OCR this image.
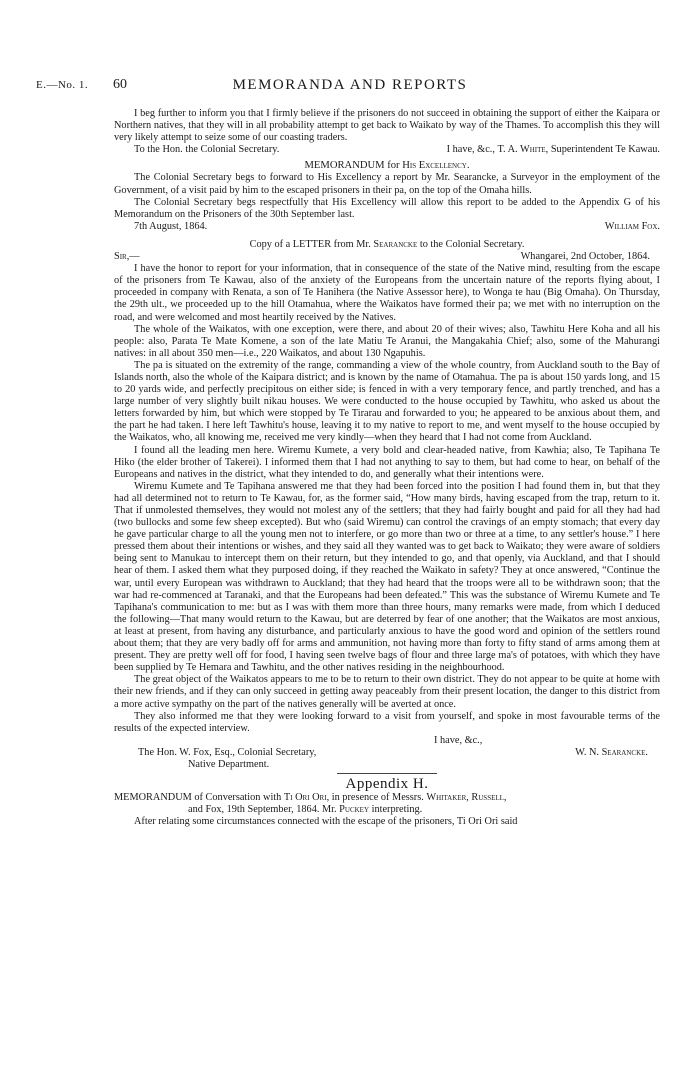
E.—No. 1. 60	MEMORANDA AND REPORTS

I beg further to inform you that I firmly believe if the prisoners do not succeed in obtaining the support of either the Kaipara or Northern natives, that they will in all probability attempt to get back to Waikato by way of the Thames. To accomplish this they will very likely attempt to seize some of our coasting traders.

To the Hon. the Colonial Secretary.	I have, &c., T. A. White, Superintendent Te Kawau.

MEMORANDUM for His Excellency.

The Colonial Secretary begs to forward to His Excellency a report by Mr. Searancke, a Surveyor in the employment of the Government, of a visit paid by him to the escaped prisoners in their pa, on the top of the Omaha hills.

The Colonial Secretary begs respectfully that His Excellency will allow this report to be added to the Appendix G of his Memorandum on the Prisoners of the 30th September last.

7th August, 1864.	William Fox.

Copy of a LETTER from Mr. Searancke to the Colonial Secretary.

Sir,—	Whangarei, 2nd October, 1864.

I have the honor to report for your information, that in consequence of the state of the Native mind, resulting from the escape of the prisoners from Te Kawau, also of the anxiety of the Europeans from the uncertain nature of the reports flying about, I proceeded in company with Renata, a son of Te Hanihera (the Native Assessor here), to Wonga te hau (Big Omaha). On Thursday, the 29th ult., we proceeded up to the hill Otamahua, where the Waikatos have formed their pa; we met with no interruption on the road, and were welcomed and most heartily received by the Natives.

The whole of the Waikatos, with one exception, were there, and about 20 of their wives; also, Tawhitu Here Koha and all his people: also, Parata Te Mate Komene, a son of the late Matiu Te Aranui, the Mangakahia Chief; also, some of the Mahurangi natives: in all about 350 men—i.e., 220 Waikatos, and about 130 Ngapuhis.

The pa is situated on the extremity of the range, commanding a view of the whole country, from Auckland south to the Bay of Islands north, also the whole of the Kaipara district; and is known by the name of Otamahua. The pa is about 150 yards long, and 15 to 20 yards wide, and perfectly precipitous on either side; is fenced in with a very temporary fence, and partly trenched, and has a large number of very slightly built nikau houses. We were conducted to the house occupied by Tawhitu, who asked us about the letters forwarded by him, but which were stopped by Te Tirarau and forwarded to you; he appeared to be anxious about them, and the part he had taken. I here left Tawhitu's house, leaving it to my native to report to me, and went myself to the house occupied by the Waikatos, who, all knowing me, received me very kindly—when they heard that I had not come from Auckland.

I found all the leading men here. Wiremu Kumete, a very bold and clear-headed native, from Kawhia; also, Te Tapihana Te Hiko (the elder brother of Takerei). I informed them that I had not anything to say to them, but had come to hear, on behalf of the Europeans and natives in the district, what they intended to do, and generally what their intentions were.

Wiremu Kumete and Te Tapihana answered me that they had been forced into the position I had found them in, but that they had all determined not to return to Te Kawau, for, as the former said, “How many birds, having escaped from the trap, return to it. That if unmolested themselves, they would not molest any of the settlers; that they had fairly bought and paid for all they had had (two bullocks and some few sheep excepted). But who (said Wiremu) can control the cravings of an empty stomach; that every day he gave particular charge to all the young men not to interfere, or go more than two or three at a time, to any settler's house.” I here pressed them about their intentions or wishes, and they said all they wanted was to get back to Waikato; they were aware of soldiers being sent to Manukau to intercept them on their return, but they intended to go, and that openly, via Auckland, and that I should hear of them. I asked them what they purposed doing, if they reached the Waikato in safety? They at once answered, “Continue the war, until every European was withdrawn to Auckland; that they had heard that the troops were all to be withdrawn soon; that the war had re-commenced at Taranaki, and that the Europeans had been defeated.” This was the substance of Wiremu Kumete and Te Tapihana's communication to me: but as I was with them more than three hours, many remarks were made, from which I deduced the following—That many would return to the Kawau, but are deterred by fear of one another; that the Waikatos are most anxious, at least at present, from having any disturbance, and particularly anxious to have the good word and opinion of the settlers round about them; that they are very badly off for arms and ammunition, not having more than forty to fifty stand of arms among them at present. They are pretty well off for food, I having seen twelve bags of flour and three large ma's of potatoes, with which they have been supplied by Te Hemara and Tawhitu, and the other natives residing in the neighbourhood.

The great object of the Waikatos appears to me to be to return to their own district. They do not appear to be quite at home with their new friends, and if they can only succeed in getting away peaceably from their present location, the danger to this district from a more active sympathy on the part of the natives generally will be averted at once.

They also informed me that they were looking forward to a visit from yourself, and spoke in most favourable terms of the results of the expected interview.

I have, &c.,

The Hon. W. Fox, Esq., Colonial Secretary,	W. N. Searancke.

Native Department.

Appendix H.

MEMORANDUM of Conversation with Ti Ori Ori, in presence of Messrs. Whitaker, Russell,
and Fox, 19th September, 1864. Mr. Puckey interpreting.

After relating some circumstances connected with the escape of the prisoners, Ti Ori Ori said
